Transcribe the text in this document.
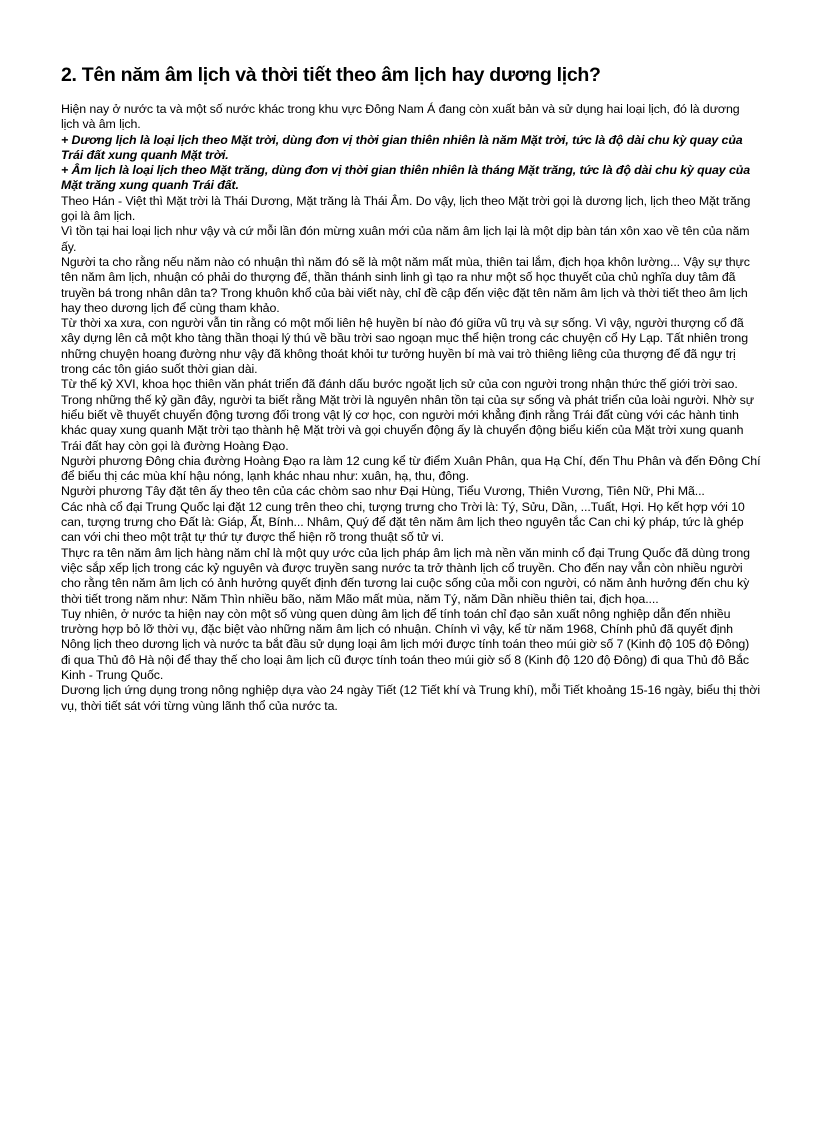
2. Tên năm âm lịch và thời tiết theo âm lịch hay dương lịch?

Hiện nay ở nước ta và một số nước khác trong khu vực Đông Nam Á đang còn xuất bản và sử dụng hai loại lịch, đó là dương lịch và âm lịch.

+ Dương lịch là loại lịch theo Mặt trời, dùng đơn vị thời gian thiên nhiên là năm Mặt trời, tức là độ dài chu kỳ quay của Trái đất xung quanh Mặt trời.

+ Âm lịch là loại lịch theo Mặt trăng, dùng đơn vị thời gian thiên nhiên là tháng Mặt trăng, tức là độ dài chu kỳ quay của Mặt trăng xung quanh Trái đất.

Theo Hán - Việt thì Mặt trời là Thái Dương, Mặt trăng là Thái Âm. Do vậy, lịch theo Mặt trời gọi là dương lịch, lịch theo Mặt trăng gọi là âm lịch.

Vì tồn tại hai loại lịch như vậy và cứ mỗi lần đón mừng xuân mới của năm âm lịch lại là một dịp bàn tán xôn xao về tên của năm ấy.

Người ta cho rằng nếu năm nào có nhuận thì năm đó sẽ là một năm mất mùa, thiên tai lắm, địch họa khôn lường... Vậy sự thực tên năm âm lịch, nhuận có phải do thượng đế, thần thánh sinh linh gì tạo ra như một số học thuyết của chủ nghĩa duy tâm đã truyền bá trong nhân dân ta? Trong khuôn khổ của bài viết này, chỉ đề cập đến việc đặt tên năm âm lịch và thời tiết theo âm lịch hay theo dương lịch để cùng tham khảo.

Từ thời xa xưa, con người vẫn tin rằng có một mối liên hệ huyền bí nào đó giữa vũ trụ và sự sống. Vì vậy, người thượng cổ đã xây dựng lên cả một kho tàng thần thoại lý thú về bầu trời sao ngoạn mục thể hiện trong các chuyện cổ Hy Lạp. Tất nhiên trong những chuyện hoang đường như vậy đã không thoát khỏi tư tưởng huyền bí mà vai trò thiêng liêng của thượng đế đã ngự trị trong các tôn giáo suốt thời gian dài.

Từ thế kỷ XVI, khoa học thiên văn phát triển đã đánh dấu bước ngoặt lịch sử của con người trong nhận thức thế giới trời sao. Trong những thế kỷ gần đây, người ta biết rằng Mặt trời là nguyên nhân tồn tại của sự sống và phát triển của loài người. Nhờ sự hiểu biết về thuyết chuyển động tương đối trong vật lý cơ học, con người mới khẳng định rằng Trái đất cùng với các hành tinh khác quay xung quanh Mặt trời tạo thành hệ Mặt trời và gọi chuyển động ấy là chuyển động biểu kiến của Mặt trời xung quanh Trái đất hay còn gọi là đường Hoàng Đạo.

Người phương Đông chia đường Hoàng Đạo ra làm 12 cung kể từ điểm Xuân Phân, qua Hạ Chí, đến Thu Phân và đến Đông Chí để biểu thị các mùa khí hậu nóng, lạnh khác nhau như: xuân, hạ, thu, đông.

Người phương Tây đặt tên ấy theo tên của các chòm sao như Đại Hùng, Tiểu Vương, Thiên Vương, Tiên Nữ, Phi Mã...

Các nhà cổ đại Trung Quốc lại đặt 12 cung trên theo chi, tượng trưng cho Trời là: Tý, Sửu, Dần, ...Tuất, Hợi. Họ kết hợp với 10 can, tượng trưng cho Đất là: Giáp, Ất, Bính... Nhâm, Quý để đặt tên năm âm lịch theo nguyên tắc Can chi ký pháp, tức là ghép can với chi theo một trật tự thứ tự được thể hiện rõ trong thuật số tử vi.

Thực ra tên năm âm lịch hàng năm chỉ là một quy ước của lịch pháp âm lịch mà nền văn minh cổ đại Trung Quốc đã dùng trong việc sắp xếp lịch trong các kỷ nguyên và được truyền sang nước ta trở thành lịch cổ truyền. Cho đến nay vẫn còn nhiều người cho rằng tên năm âm lịch có ảnh hưởng quyết định đến tương lai cuộc sống của mỗi con người, có năm ảnh hưởng đến chu kỳ thời tiết trong năm như: Năm Thìn nhiều bão, năm Mão mất mùa, năm Tý, năm Dần nhiều thiên tai, địch họa....

Tuy nhiên, ở nước ta hiện nay còn một số vùng quen dùng âm lịch để tính toán chỉ đạo sản xuất nông nghiệp dẫn đến nhiều trường hợp bỏ lỡ thời vụ, đặc biệt vào những năm âm lịch có nhuận. Chính vì vậy, kể từ năm 1968, Chính phủ đã quyết định Nông lịch theo dương lịch và nước ta bắt đầu sử dụng loại âm lịch mới được tính toán theo múi giờ số 7 (Kinh độ 105 độ Đông) đi qua Thủ đô Hà nội để thay thế cho loại âm lịch cũ được tính toán theo múi giờ số 8 (Kinh độ 120 độ Đông) đi qua Thủ đô Bắc Kinh - Trung Quốc.

Dương lịch ứng dụng trong nông nghiệp dựa vào 24 ngày Tiết (12 Tiết khí và Trung khí), mỗi Tiết khoảng 15-16 ngày, biểu thị thời vụ, thời tiết sát với từng vùng lãnh thổ của nước ta.
